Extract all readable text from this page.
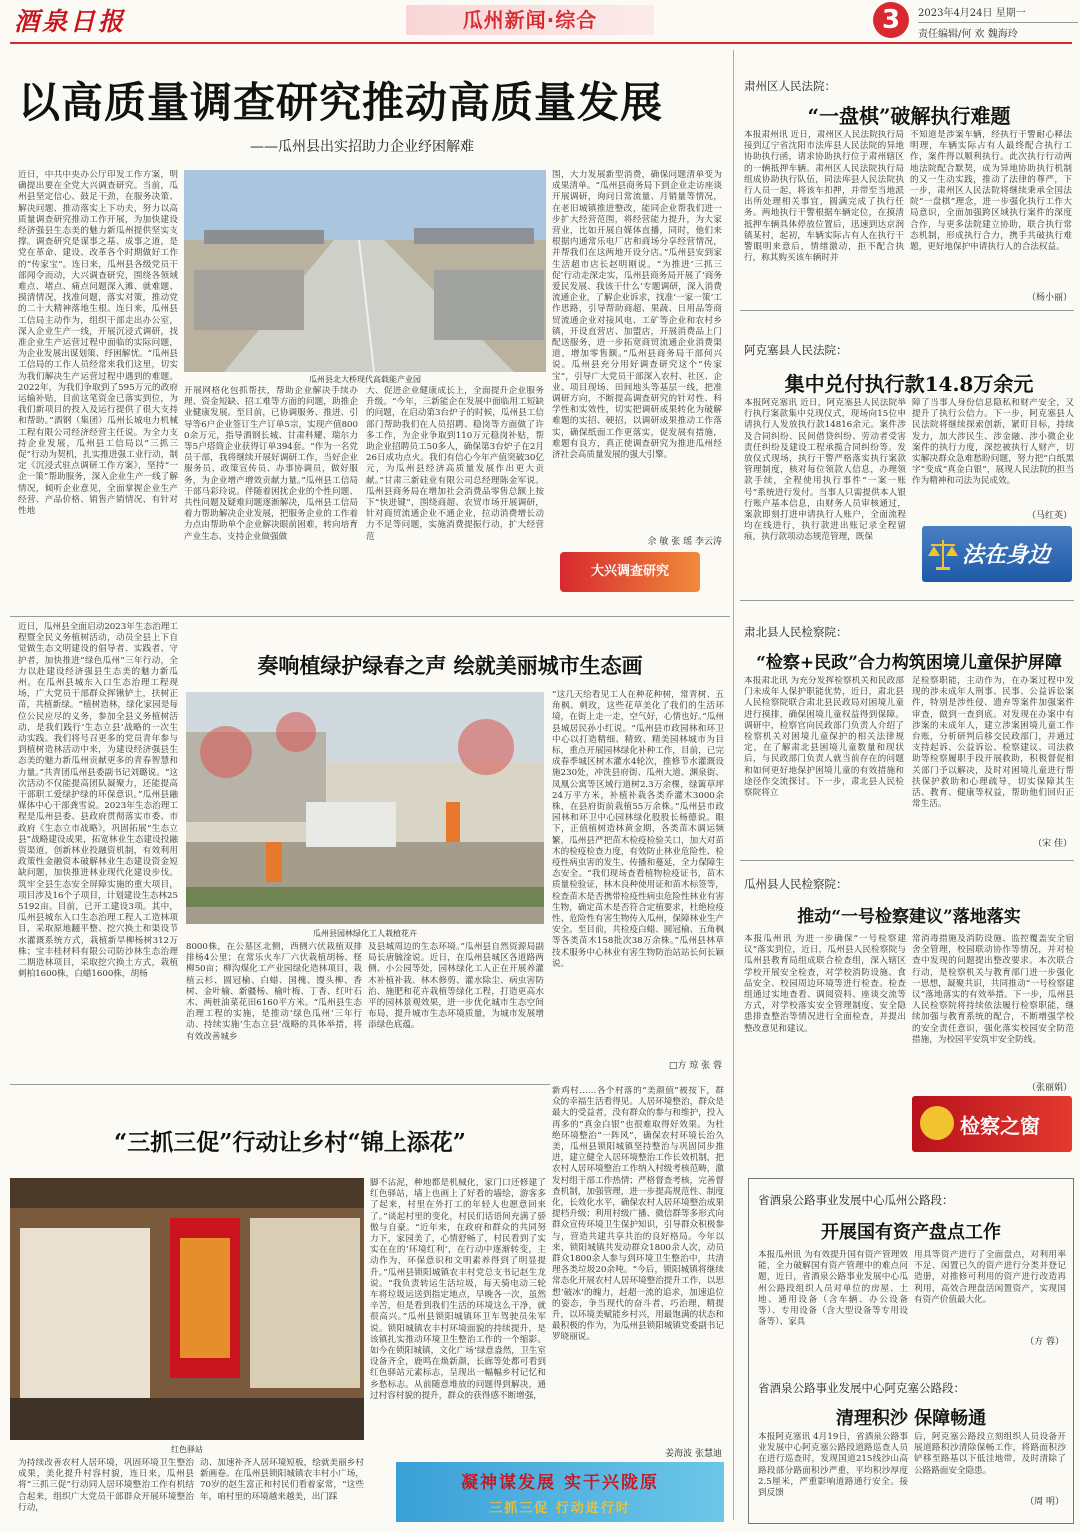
酒泉日报	瓜州新闻·综合	3	2023年4月24日 星期一
责任编辑/何 欢 魏海玲
以高质量调查研究推动高质量发展
——瓜州县出实招助力企业纾困解难
近日，中共中央办公厅印发工作方案，明确提出要在全党大兴调查研究。当前，瓜州县坚定信心、鼓足干劲，在服务决策、解决问题、推动落实上下功夫，努力以高质量调查研究推动工作开展，为加快建设经济强县生态美的魅力新瓜州提供坚实支撑。调查研究是谋事之基、成事之道，是党在革命、建设、改革各个时期做好工作的“传家宝”。连日来，瓜州县各级党员干部闻令而动，大兴调查研究，围绕各领域难点、堵点、痛点问题深入滩、就难题、摸清情况，找准问题，落实对策，推动党的二十大精神落地生根。连日来，瓜州县工信局主动作为，组织干部走出办公室，深入企业生产一线，开展沉浸式调研，找准企业生产运营过程中面临的实际问题，为企业发展出谋划策、纾困解忧。“瓜州县工信局的工作人员经常来我们这里，切实为我们解决生产运营过程中遇到的难题。2022年，为我们争取到了595万元的政府运输补贴，目前这笔资金已落实到位，为我们新项目的投入及运行提供了很大支持和帮助。”酒钢（集团）瓜州长城电力机械工程有限公司经济经营主任说。为全力支持企业发展，瓜州县工信局以“三抓三促”行动为契机，扎实推进强工业行动，制定《沉浸式驻点调研工作方案》，坚持“一企一策”帮助服务，深入企业生产一线了解情况，倾听企业意见，全面掌握企业生产经营、产品价格、销售产销情况、有针对性地
瓜州县北大桥现代高载能产业园
开展网格化包抓帮扶，帮助企业解决手续办理、资金短缺、招工难等方面的问题，助推企业健康发展。至目前，已协调服务、推进、引导等6户企业签订生产订单5宗，实现产值8000余万元，指导酒钢长城、甘肃科耀、瑞尔力等5户塔筒企业获得订单394套。“作为一名党员干部，我将继续开展好调研工作，当好企业服务员、政策宣传员、办事协调员，做好服务，为企业增产增效贡献力量。”瓜州县工信局干部马彩玲说。伴随着困扰企业的个性问题、共性问题及疑难问题逐渐解决，瓜州县工信局着力帮助解决企业发展，把服务企业的工作着力点由帮助单个企业解决眼前困难，转向培育产业生态、支持企业做强做
大、促进企业健康成长上，全面提升企业服务升级。“今年，三新能企在发展中面临用工短缺的问题，在启动第3台炉子的时候，瓜州县工信部门帮助我们在人员招聘、稳岗等方面做了许多工作，为企业争取到110万元稳岗补贴，帮助企业招聘员工50多人，确保第3台炉子在2月26日成功点火。我们有信心今年产值突破30亿元，为瓜州县经济高质量发展作出更大贡献。”甘肃三新硅业有限公司总经理陈金军说。瓜州县商务局在增加社会消费品零售总额上按下“快进键”，围绕商超、农贸市场开展调研，针对商贸流通企业不通企业，拉动消费增长动力不足等问题，实施消费提振行动，扩大经营范
围，大力发展新型消费，确保问题清单变为成果清单。“瓜州县商务局下到企业走访座谈开展调研，询问日常流量、月销量等情况，在老旧城镇推进整改，能同企业帮我们进一步扩大经营范围，将经营能力提升，为大家营业，比如开展自媒体直播，同时，他们来根据内通常乐电厂店和商场分享经营情况，并帮我们在这两地开设分店。”瓜州县安到家生活超市店长赵明刚说。“为推进‘三抓三促’行动走深走实，瓜州县商务局开展了‘商务爱民发展、我该干什么’专题调研，深入消费流通企业，了解企业诉求，找准‘一家一策’工作思路，引导帮助商超、果蔬、日用品等商贸流通企业对接风电、工矿等企业和农村乡镇，开设直营店、加盟店，开展消费品上门配送服务，进一步拓宽商贸流通企业消费渠道，增加零售额。”瓜州县商务局干部何兴说。瓜州县充分用好调查研究这个“传家宝”，引导广大党员干部深入农村、社区、企业、项目现场、田间地头等基层一线，把准调研方向，不断提高调查研究的针对性、科学性和实效性，切实把调研成果转化为破解难题的实招、硬招，以调研成果推动工作落实，确保纸面工作更落实，促发展有措施，难题有良方，真正使调查研究为推进瓜州经济社会高质量发展的强大引擎。
佘 敏 张 瑶 李云涛
大兴调查研究
肃州区人民法院：
“一盘棋”破解执行难题
本报肃州讯 近日，肃州区人民法院执行局接到辽宁省沈阳市法库县人民法院的异地协助执行函，请求协助执行位于肃州辖区的一辆抵押车辆。肃州区人民法院执行局组成协助执行队伍，同法库县人民法院执行人员一起，将该车扣押，并带至当地派出所处理相关事宜，圆满完成了执行任务。两地执行干警根据车辆定位，在摸清抵押车辆具体停放位置后，迅速到达京润镇某村，起初，车辆实际占有人在执行干警眼明来意后，情绪激动，拒不配合执行，称其购买该车辆时并
不知道是涉案车辆，经执行干警耐心释法明理，车辆实际占有人最终配合执行工作，案件得以顺利执行。此次执行行动两地法院配合默契，成为异地协助执行机制的又一生动实践，推动了法律的尊严，下一步，肃州区人民法院将继续秉承全国法院“一盘棋”理念，进一步强化执行工作大局意识，全面加强跨区域执行案件的深度合作，与更多法院建立协助，联合执行常态机制，形成执行合力，携手共破执行难题，更好地保护申请执行人的合法权益。
（杨小丽）
阿克塞县人民法院：
集中兑付执行款14.8万余元
本报阿克塞讯 近日，阿克塞县人民法院举行执行案款集中兑现仪式，现场向15位申请执行人发放执行款14816余元。案件涉及合同纠纷、民间借贷纠纷、劳动者受害责任纠纷及建设工程承揽合同纠纷等。发放仪式现场，执行干警严格落实执行案款管理制度，核对每位领款人信息，办理领款手续，全程使用执行事件“一案一账号”系统进行发付。当事人只需提供本人银行账户基本信息，由财务人员审核通过，案款即刻打进申请执行人账户，全面流程均在线进行，执行款进出账记录全程留痕，执行款项动态规范管理，既保
障了当事人身份信息隐私和财产安全，又提升了执行公信力。下一步，阿克塞县人民法院将继续探索创新，紧盯目标，持续发力，加大涉民生、涉金融、涉小微企业案件的执行力度，深挖被执行人财产，切实解决群众急难愁盼问题，努力把“白纸黑字”变成“真金白银”，展现人民法院的担当作为精神和司法为民成效。
（马红英）
法在身边
肃北县人民检察院：
“检察+民政”合力构筑困境儿童保护屏障
本报肃北讯 为充分发挥检察机关和民政部门未成年人保护职能优势，近日，肃北县人民检察院联合肃北县民政局对困境儿童进行摸排，确保困境儿童权益得到保障。调研中，检察官向民政部门负责人介绍了检察机关对困境儿童保护的相关法律规定，在了解肃北县困境儿童数量和现状后，与民政部门负责人就当前存在的问题和如何更好地保护困境儿童的有效措施和途径作交流探讨。下一步，肃北县人民检察院将立
足检察职能，主动作为，在办案过程中发现的涉未成年人刑事、民事、公益诉讼案件，特别是涉性侵、遗弃等案件加强案件审查，做到一查到底。对发现在办案中有涉案的未成年人，建立涉案困境儿童工作台账，分析研判后移交民政部门，并通过支持起诉、公益诉讼、检察建议、司法救助等检察履职手段开展救助，积极督促相关部门予以解决，及时对困境儿童进行帮扶保护救助和心理疏导，切实保障其生活、教育、健康等权益，帮助他们回归正常生活。
（宋 佳）
瓜州县人民检察院：
推动“一号检察建议”落地落实
本报瓜州讯 为进一步确保“一号检察建议”落实到位，近日，瓜州县人民检察院与瓜州县教育局组成联合检查组，深入辖区学校开展安全检查，对学校消防设施、食品安全、校园周边环境等进行检查。检查组通过实地查看、调阅资料、座谈交流等方式，对学校落实安全管理制度、安全隐患排查整治等情况进行全面检查，并提出整改意见和建议。
常消毒措施及消防设施、监控覆盖安全宿舍全管理，校园联动协作等情况，并对检查中发现的问题提出整改要求。本次联合行动，是检察机关与教育部门进一步强化一思想，凝聚共识，共同推动“一号检察建议”落地落实的有效举措。下一步，瓜州县人民检察院将持续依法履行检察职能，继续加强与教育系统的配合，不断增强学校的安全责任意识，强化落实校园安全防范措施，为校园平安筑牢安全防线。
（张丽娟）
检察之窗
省酒泉公路事业发展中心瓜州公路段：
开展国有资产盘点工作
本报瓜州讯 为有效提升国有资产管理效能，全力破解国有资产管理中的难点问题，近日，省酒泉公路事业发展中心瓜州公路段组织人员对单位的房屋、土地、通用设备（含车辆、办公设备等）、专用设备（含大型设备等专用设备等）、家具
用具等资产进行了全面盘点，对利用率不足、闲置已久的资产进行分类并登记造册，对推修可利用的资产进行改造再利用，高效合理盘活闲置资产，实现国有资产价值最大化。
（方 蓉）
省酒泉公路事业发展中心阿克塞公路段：
清理积沙 保障畅通
本报阿克塞讯 4月19日，省酒泉公路事业发展中心阿克塞公路段道路巡查人员在进行巡查时，发现国道215线沙山高路段部分路面积沙严重，平均积沙厚度2.5厘米，严重影响道路通行安全。接到反馈
后，阿克塞公路段立刻组织人员设备开展道路积沙清除保畅工作，将路面积沙铲移至路基以下低洼地带，及时清除了公路路面安全隐患。
（周 明）
近日，瓜州县全面启动2023年生态治理工程暨全民义务植树活动，动员全县上下自觉做生态文明建设的倡导者、实践者、守护者，加快推进“绿色瓜州”三年行动，全力以赴建设经济强县生态美的魅力新瓜州。在瓜州县城东入口生态治理工程现场，广大党员干部群众挥锹铲土，扶树正苗，共植新绿。“植树造林，绿化家园是每位公民应尽的义务，参加全县义务植树活动，是我们践行‘生态立县’战略的一次生动实践。我们将号召更多的党员青年参与到植树造林活动中来，为建设经济强县生态美的魅力新瓜州贡献更多的青春智慧和力量。”共青团瓜州县委副书记刘璐说。“这次活动不仅能提高团队凝聚力，还能提高干部职工爱绿护绿的环保意识。”瓜州县融媒体中心干部龚雪说。2023年生态治理工程是瓜州县委、县政府贯彻落实市委、市政府《生态立市战略》，巩固拓展“生态立县”战略建设成果，拓宽林业生态建设投融资渠道，创新林业投融资机制，有效利用政策性金融资本破解林业生态建设资金短缺问题，加快推进林业现代化建设步伐。筑牢全县生态安全屏障实施的重大项目，项目涉及16个子项目，计划建设生态林255192亩。目前，已开工建设3项。其中，瓜州县城东入口生态治理工程人工造林项目，采取原地翻平整、挖穴换土和渠设节水灌溉系统方式，栽植新旱柳杨树312万株；宝丰桂材料有限公司防沙林生态治理二期造林项目，采取挖穴换土方式，栽植刺柏1600株，白蜡1600株，胡杨
奏响植绿护绿春之声 绘就美丽城市生态画
瓜州县园林绿化工人栽植花卉
8000株，在公墓区北侧，西侧六伏栽植双排排杨4公里；在常乐火车厂六伏栽植胡杨、柽柳50亩；柳沟煤化工产业园绿化造林项目，栽植云杉、圆冠榆、白蜡、国槐、馒头柳、香树、金叶榆、新疆杨、榆叶梅、丁香、红叶石木、两桩油菜花田6160平方米。“瓜州县生态治理工程的实施，是推动‘绿色瓜州’三年行动、持续实施‘生态立县’战略的具体举措，将有效改善城乡
及县城周边的生态环境。”瓜州县自然资源局副局长唐毓淦说。近日，在瓜州县城区各道路两侧、小公园等处，园林绿化工人正在开展养灌木补植补栽、林木修剪、灌水除尘、病虫害防治、施肥和花卉栽植等绿化工程，打造更高水平的园林景观效果，进一步优化城市生态空间布局，提升城市生态环境质量，为城市发展增添绿色底蕴。
“这几天给看见工人在种花种树，常青树、五角枫、刺玫，这些花草美化了我们的生活环境，在街上走一走，空气好，心情也好。”瓜州县城居民孙小红说。“瓜州县市政园林和环卫中心以打造精细、精致、精美园林城市为目标，重点开展园林绿化补种工作，目前，已完成春季城区树木灌水4轮次，推修节水灌溉设施230处，冲洗县府街、瓜州大道、渊泉街、凤凰公寓等区域行道树2.3万余棵，绿篱草坪24万平方米，补植补栽各类乔灌木3000余株，在县府街前栽植55万余株。”瓜州县市政园林和环卫中心园林绿化股股长杨德说。眼下，正值植树造林黄金期，各类苗木调运频繁，瓜州县严把苗木检疫检验关口，加大对苗木的检疫检查力度，有效防止林业危险性、检疫性病虫害的发生、传播和蔓延，全力保障生态安全。“我们现场查看植物检疫证书，苗木质量检验证，林木良种使用证和苗木标签等，检查苗木是否携带检疫性病虫危险性林业有害生物，确定苗木是否符合定植要求，杜绝检疫性、危险性有害生物传入瓜州，保障林业生产安全。至目前，共检疫白蜡、圆冠榆、五角枫等各类苗木158批次38万余株。”瓜州县林草技术服务中心林业有害生物防治站站长何长颖说。
□方 琼 张 蓉
“三抓三促”行动让乡村“锦上添花”
红色驿站
为持续改善农村人居环境，巩固环境卫生整治成果，美化提升村容村貌，连日来，瓜州县将“三抓三促”行动同人居环境整治工作有机结合起来，组织广大党员干部群众开展环境整治行动，
动、加速补齐人居环境短板，绘就美丽乡村新画卷。在瓜州县锁阳城镇农丰村小广场，70岁的赵生富正和村民们看着家常，“这些年，咱村里的环境越来越美，出门踩
脚不沾泥，种地都是机械化，家门口还修建了红色驿站，墙上也画上了好看的墙绘，游客多了起来，村里在外打工的年轻人也愿意回来了。”谈起村里的变化，村民们话语间充满了骄傲与自豪。“近年来，在政府和群众的共同努力下，家园美了，心情舒畅了，村民看到了实实在在的‘环境红利’，在行动中逐渐转变，主动作为，环保意识和文明素养得到了明显提升。”瓜州县锁阳城镇农丰村党总支书记赵生龙说。“我负责转运生活垃圾，每天骑电动三轮车将垃圾运送到指定地点，早晚各一次，虽然辛苦，但是看到我们生活的环境这么干净，就很高兴。”瓜州县锁阳城镇环卫车驾驶员朱军说。锁阳城镇农丰村环境面貌的持续提升，是该镇扎实推动环境卫生整治工作的一个缩影。如今在锁阳城镇，文化广场‘绿意盎然，卫生室设备齐全，鹿鸣在焕新颜，长廊等处都可看到红色驿站元素标志，呈现出一幅幅乡村记忆和乡愁标志。从前随意堆放的问题得到解决，通过村容村貌的提升，群众的获得感不断增强，
新鸡村……各个村落的“美颜值”被按下，群众的幸福生活看得见。人居环境整治，群众是最大的受益者，没有群众的参与和维护，投入再多的“真金白银”也很难取得好效果。为杜绝环境整治“一阵风”，确保农村环境长治久美，瓜州县锁阳城镇坚持整治与巩固同步推进，建立健全人居环境整治工作长效机制，把农村人居环境整治工作纳入村级考核范畴，激发村组干部工作热情；严格督查考核，完善督查机制，加强管理，进一步提高规范性、制度化，长效化水平，确保农村人居环境整治成果提档升级；利用村级广播、微信群等多形式向群众宣传环境卫生保护知识，引导群众积极参与，营造共建共享共治的良好格局。今年以来，锁阳城镇共发动群众1800余人次，动员群众1800余人参与到环境卫生整治中，共清理各类垃圾20余吨。“今后，锁阳城镇将继续常态化开展农村人居环境整治提升工作，以思想‘破冰’的魄力，赶超一流的追求，加速追位的姿态，争当现代的奋斗者，巧治理，精提升，以环境美赋能乡村兴，用最饱满的状态和最积极的作为，为瓜州县锁阳城镇党委副书记罗晓丽说。
姜海波 张慧迪
凝神谋发展 实干兴陇原
三抓三促 行动进行时
